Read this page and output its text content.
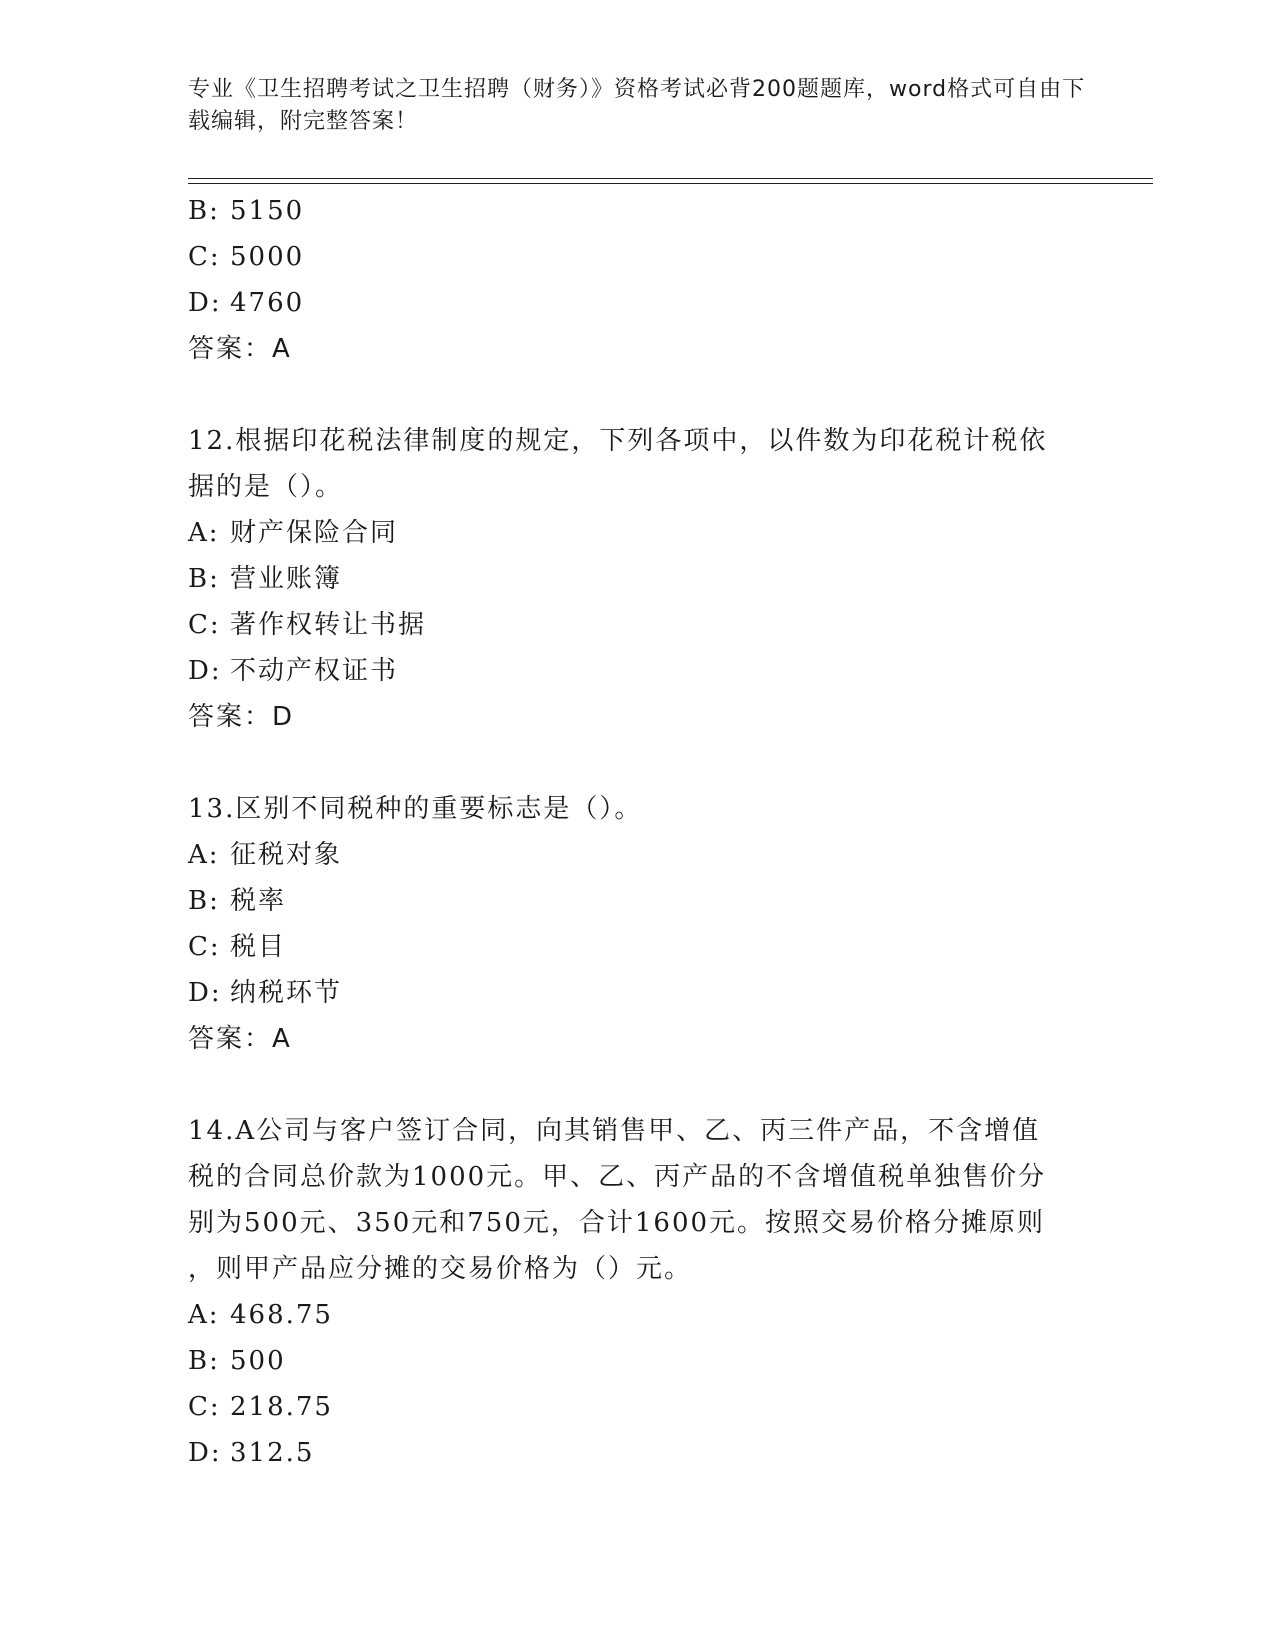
专业《卫生招聘考试之卫生招聘（财务）》资格考试必背200题题库，word格式可自由下载编辑，附完整答案！
B: 5150
C: 5000
D: 4760
答案：A
12.根据印花税法律制度的规定，下列各项中，以件数为印花税计税依
据的是（）。
A: 财产保险合同
B: 营业账簿
C: 著作权转让书据
D: 不动产权证书
答案：D
13.区别不同税种的重要标志是（）。
A: 征税对象
B: 税率
C: 税目
D: 纳税环节
答案：A
14.A公司与客户签订合同，向其销售甲、乙、丙三件产品，不含增值
税的合同总价款为1000元。甲、乙、丙产品的不含增值税单独售价分
别为500元、350元和750元，合计1600元。按照交易价格分摊原则
，则甲产品应分摊的交易价格为（）元。
A: 468.75
B: 500
C: 218.75
D: 312.5
